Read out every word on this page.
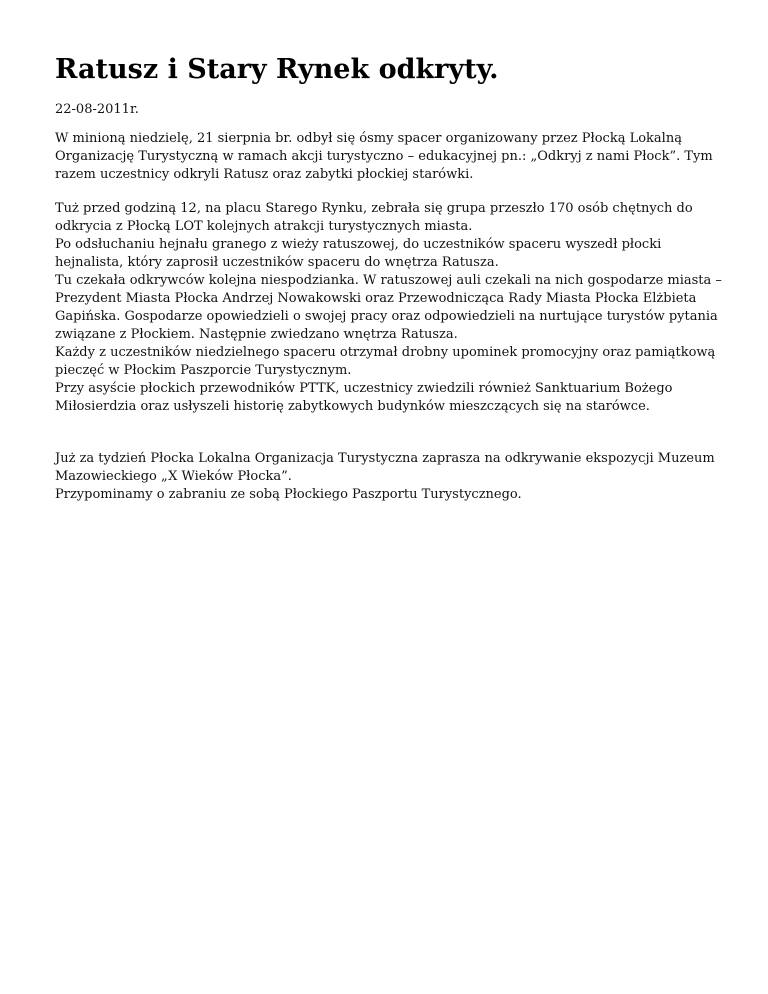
Ratusz i Stary Rynek odkryty.
22-08-2011r.

W minioną niedzielę, 21 sierpnia br. odbył się ósmy spacer organizowany przez Płocką Lokalną
Organizację Turystyczną w ramach akcji turystyczno – edukacyjnej pn.: „Odkryj z nami Płock”. Tym
razem uczestnicy odkryli Ratusz oraz zabytki płockiej starówki.

Tuż przed godziną 12, na placu Starego Rynku, zebrała się grupa przeszło 170 osób chętnych do
odkrycia z Płocką LOT kolejnych atrakcji turystycznych miasta.
Po odsłuchaniu hejnału granego z wieży ratuszowej, do uczestników spaceru wyszedł płocki
hejnalista, który zaprosił uczestników spaceru do wnętrza Ratusza.
Tu czekała odkrywców kolejna niespodzianka. W ratuszowej auli czekali na nich gospodarze miasta –
Prezydent Miasta Płocka Andrzej Nowakowski oraz Przewodnicząca Rady Miasta Płocka Elżbieta
Gapińska. Gospodarze opowiedzieli o swojej pracy oraz odpowiedzieli na nurtujące turystów pytania
związane z Płockiem. Następnie zwiedzano wnętrza Ratusza.
Każdy z uczestników niedzielnego spaceru otrzymał drobny upominek promocyjny oraz pamiątkową
pieczęć w Płockim Paszporcie Turystycznym.
Przy asyście płockich przewodników PTTK, uczestnicy zwiedzili również Sanktuarium Bożego
Miłosierdzia oraz usłyszeli historię zabytkowych budynków mieszczących się na starówce.

Już za tydzień Płocka Lokalna Organizacja Turystyczna zaprasza na odkrywanie ekspozycji Muzeum
Mazowieckiego „X Wieków Płocka”.
Przypominamy o zabraniu ze sobą Płockiego Paszportu Turystycznego.
